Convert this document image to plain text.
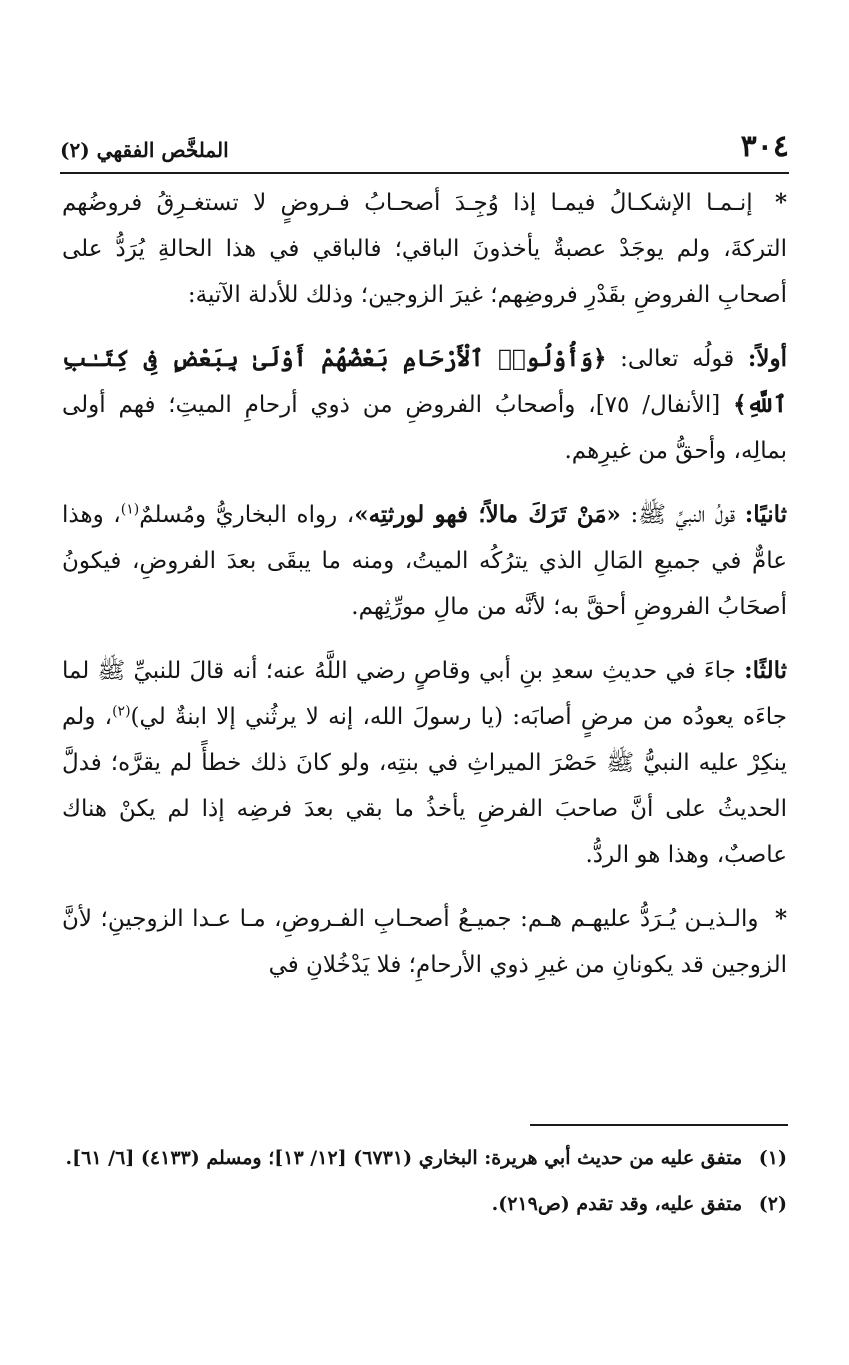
٣٠٤
الملخَّص الفقهي (٢)

* إنـمـا الإشكـالُ فيمـا إذا وُجِـدَ أصحـابُ فـروضٍ لا تستغـرِقُ فروضُهم التركةَ، ولم يوجَدْ عصبةٌ يأخذونَ الباقي؛ فالباقي في هذا الحالةِ يُرَدُّ على أصحابِ الفروضِ بقَدْرِ فروضِهم؛ غيرَ الزوجين؛ وذلك للأدلة الآتية:

أولاً: قولُه تعالى: ﴿وَأُوْلُوا۟ ٱلْأَرْحَامِ بَعْضُهُمْ أَوْلَىٰ بِبَعْضٍ فِى كِتَـٰبِ ٱللَّهِ﴾ [الأنفال/ ٧٥]، وأصحابُ الفروضِ من ذوي أرحامِ الميتِ؛ فهم أولى بمالِه، وأحقُّ من غيرِهم.

ثانيًا: قولُ النبيِّ ﷺ: «مَنْ تَرَكَ مالاً؛ فهو لورثتِه»، رواه البخاريُّ ومُسلمٌ$^{(١)}$، وهذا عامٌّ في جميعِ المَالِ الذي يترُكُه الميتُ، ومنه ما يبقَى بعدَ الفروضِ، فيكونُ أصحَابُ الفروضِ أحقَّ به؛ لأنَّه من مالِ مورِّثِهم.

ثالثًا: جاءَ في حديثِ سعدِ بنِ أبي وقاصٍ رضي اللَّهُ عنه؛ أنه قالَ للنبيِّ ﷺ لما جاءَه يعودُه من مرضٍ أصابَه: (يا رسولَ الله، إنه لا يرثُني إلا ابنةٌ لي)$^{(٢)}$، ولم ينكِرْ عليه النبيُّ ﷺ حَصْرَ الميراثِ في بنتِه، ولو كانَ ذلك خطأً لم يقرَّه؛ فدلَّ الحديثُ على أنَّ صاحبَ الفرضِ يأخذُ ما بقي بعدَ فرضِه إذا لم يكنْ هناك عاصبٌ، وهذا هو الردُّ.

* والـذيـن يُـرَدُّ عليهـم هـم: جميـعُ أصحـابِ الفـروضِ، مـا عـدا الزوجينِ؛ لأنَّ الزوجين قد يكونانِ من غيرِ ذوي الأرحامِ؛ فلا يَدْخُلانِ في

(١) متفق عليه من حديث أبي هريرة: البخاري (٦٧٣١) [١٢/ ١٣]؛ ومسلم (٤١٣٣) [٦/ ٦١].

(٢) متفق عليه، وقد تقدم (ص٢١٩).
